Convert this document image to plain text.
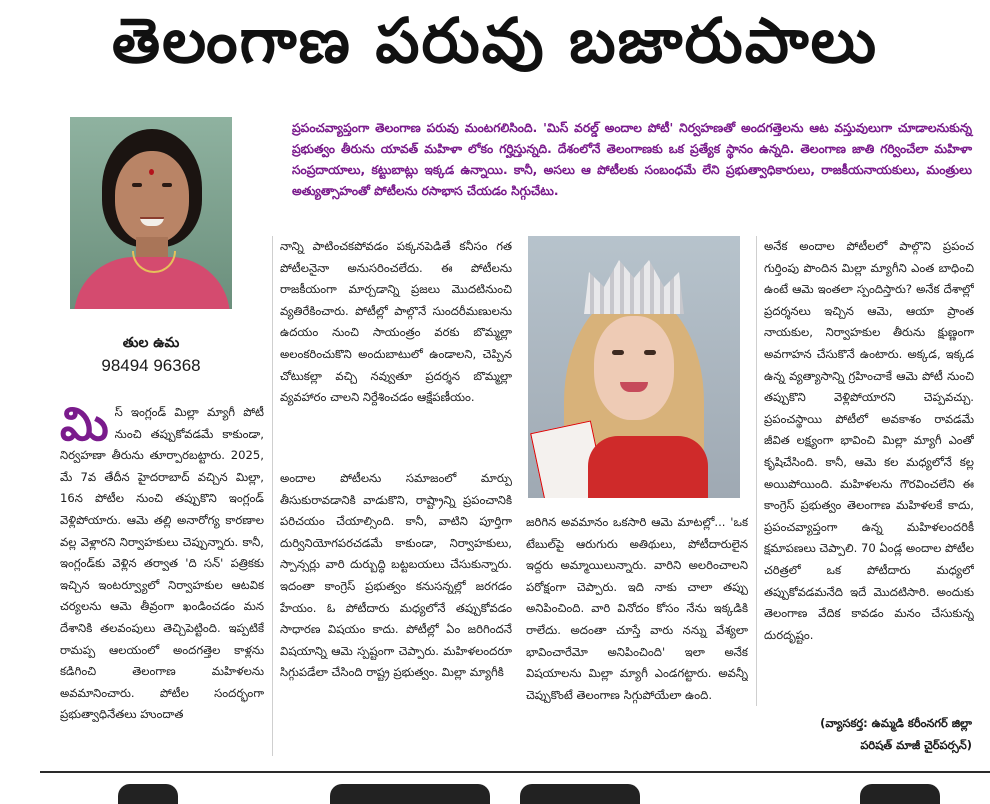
తెలంగాణ పరువు బజారుపాలు
ప్రపంచవ్యాప్తంగా తెలంగాణ పరువు మంటగలిసింది. 'మిస్ వరల్డ్ అందాల పోటీ' నిర్వహణతో అందగత్తెలను ఆట వస్తువులుగా చూడాలనుకున్న ప్రభుత్వం తీరును యావత్ మహిళా లోకం గర్హిస్తున్నది. దేశంలోనే తెలంగాణకు ఒక ప్రత్యేక స్థానం ఉన్నది. తెలంగాణ జాతి గర్వించేలా మహిళా సంప్రదాయాలు, కట్టుబాట్లు ఇక్కడ ఉన్నాయి. కానీ, అసలు ఆ పోటీలకు సంబంధమే లేని ప్రభుత్వాధికారులు, రాజకీయనాయకులు, మంత్రులు అత్యుత్సాహంతో పోటీలను రసాభాస చేయడం సిగ్గుచేటు.
తుల ఉమ
98494 96368
మిస్ ఇంగ్లండ్ మిల్లా మ్యాగీ పోటీ నుంచి తప్పుకోవడమే కాకుండా, నిర్వహణా తీరును తూర్పారబట్టారు. 2025, మే 7వ తేదీన హైదరాబాద్ వచ్చిన మిల్లా, 16న పోటీల నుంచి తప్పుకొని ఇంగ్లండ్ వెళ్లిపోయారు. ఆమె తల్లి అనారోగ్య కారణాల వల్ల వెళ్లారని నిర్వాహకులు చెప్పున్నారు. కానీ, ఇంగ్లండ్‌కు వెళ్లిన తర్వాత 'ది సన్' పత్రికకు ఇచ్చిన ఇంటర్వ్యూలో నిర్వాహకుల ఆటవిక చర్యలను ఆమె తీవ్రంగా ఖండించడం మన దేశానికి తలవంపులు తెచ్చిపెట్టింది. ఇప్పటికే రామప్ప ఆలయంలో అందగత్తెల కాళ్లను కడిగించి తెలంగాణ మహిళలను అవమానించారు. పోటీల సందర్భంగా ప్రభుత్వాధినేతలు హుందాత
నాన్ని పాటించకపోవడం పక్కనపెడితే కనీసం గత పోటీలనైనా అనుసరించలేదు. ఈ పోటీలను రాజకీయంగా మార్చడాన్ని ప్రజలు మొదటినుంచి వ్యతిరేకించారు. పోటీల్లో పాల్గొనే సుందరీమణులను ఉదయం నుంచి సాయంత్రం వరకు బొమ్మల్లా అలంకరించుకొని అందుబాటులో ఉండాలని, చెప్పిన చోటుకల్లా వచ్చి నవ్వుతూ ప్రదర్శన బొమ్మల్లా వ్యవహారం చాలని నిర్దేశించడం ఆక్షేపణీయం.
అందాల పోటీలను సమాజంలో మార్పు తీసుకురావడానికి వాడుకొని, రాష్ట్రాన్ని ప్రపంచానికి పరిచయం చేయాల్సింది. కానీ, వాటిని పూర్తిగా దుర్వినియోగపరచడమే కాకుండా, నిర్వాహకులు, స్పాన్సర్లు వారి దుర్బుద్ధి బట్టబయలు చేసుకున్నారు. ఇదంతా కాంగ్రెస్ ప్రభుత్వం కనుసన్నల్లో జరగడం హేయం. ఓ పోటీదారు మధ్యలోనే తప్పుకోవడం సాధారణ విషయం కాదు. పోటీల్లో ఏం జరిగిందనే విషయాన్ని ఆమె స్పష్టంగా చెప్పారు. మహిళలందరూ సిగ్గుపడేలా చేసింది రాష్ట్ర ప్రభుత్వం. మిల్లా మ్యాగీకి
జరిగిన అవమానం ఒకసారి ఆమె మాటల్లో... 'ఒక టేబుల్‌పై ఆరుగురు అతిథులు, పోటీదారులైన ఇద్దరు అమ్మాయిలున్నారు. వారిని అలరించాలని పరోక్షంగా చెప్పారు. ఇది నాకు చాలా తప్పు అనిపించింది. వారి వినోదం కోసం నేను ఇక్కడికి రాలేదు. అదంతా చూస్తే వారు నన్ను వేశ్యలా భావించారేమో అనిపించింది' ఇలా అనేక విషయాలను మిల్లా మ్యాగీ ఎండగట్టారు. అవన్నీ చెప్పుకొంటే తెలంగాణ సిగ్గుపోయేలా ఉంది.
అనేక అందాల పోటీలలో పాల్గొని ప్రపంచ గుర్తింపు పొందిన మిల్లా మ్యాగీని ఎంత బాధించి ఉంటే ఆమె ఇంతలా స్పందిస్తారు? అనేక దేశాల్లో ప్రదర్శనలు ఇచ్చిన ఆమె, ఆయా ప్రాంత నాయకుల, నిర్వాహకుల తీరును క్షుణ్ణంగా అవగాహన చేసుకొనే ఉంటారు. అక్కడ, ఇక్కడ ఉన్న వ్యత్యాసాన్ని గ్రహించాకే ఆమె పోటీ నుంచి తప్పుకొని వెళ్లిపోయారని చెప్పవచ్చు. ప్రపంచస్థాయి పోటీలో అవకాశం రావడమే జీవిత లక్ష్యంగా భావించి మిల్లా మ్యాగీ ఎంతో కృషిచేసింది. కానీ, ఆమె కల మధ్యలోనే కల్ల అయిపోయింది. మహిళలను గౌరవించలేని ఈ కాంగ్రెస్ ప్రభుత్వం తెలంగాణ మహిళలకే కాదు, ప్రపంచవ్యాప్తంగా ఉన్న మహిళలందరికీ క్షమాపణలు చెప్పాలి. 70 ఏండ్ల అందాల పోటీల చరిత్రలో ఒక పోటీదారు మధ్యలో తప్పుకోవడమనేది ఇదే మొదటిసారి. అందుకు తెలంగాణ వేదిక కావడం మనం చేసుకున్న దురదృష్టం.
(వ్యాసకర్త: ఉమ్మడి కరీంనగర్ జిల్లా
పరిషత్ మాజీ చైర్‌పర్సన్)
